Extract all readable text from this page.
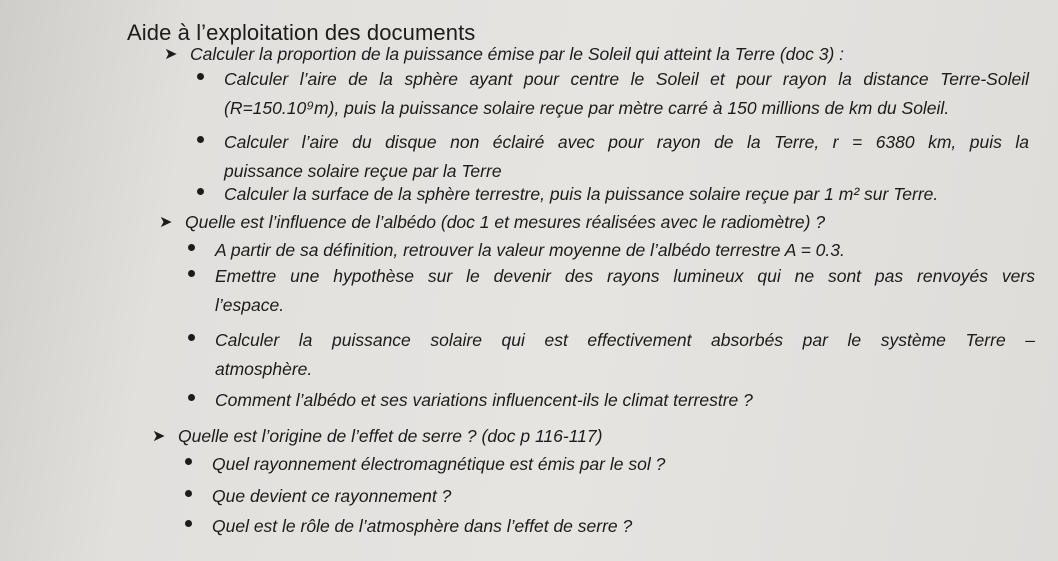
Aide à l’exploitation des documents
➤ Calculer la proportion de la puissance émise par le Soleil qui atteint la Terre (doc 3) :
Calculer l’aire de la sphère ayant pour centre le Soleil et pour rayon la distance Terre-Soleil
(R=150.10⁹m), puis la puissance solaire reçue par mètre carré à 150 millions de km du Soleil.
Calculer l’aire du disque non éclairé avec pour rayon de la Terre, r = 6380 km, puis la
puissance solaire reçue par la Terre
Calculer la surface de la sphère terrestre, puis la puissance solaire reçue par 1 m² sur Terre.
➤ Quelle est l’influence de l’albédo (doc 1 et mesures réalisées avec le radiomètre) ?
A partir de sa définition, retrouver la valeur moyenne de l’albédo terrestre A = 0.3.
Emettre une hypothèse sur le devenir des rayons lumineux qui ne sont pas renvoyés vers
l’espace.
Calculer la puissance solaire qui est effectivement absorbés par le système Terre –
atmosphère.
Comment l’albédo et ses variations influencent-ils le climat terrestre ?
➤ Quelle est l’origine de l’effet de serre ? (doc p 116-117)
Quel rayonnement électromagnétique est émis par le sol ?
Que devient ce rayonnement ?
Quel est le rôle de l’atmosphère dans l’effet de serre ?
